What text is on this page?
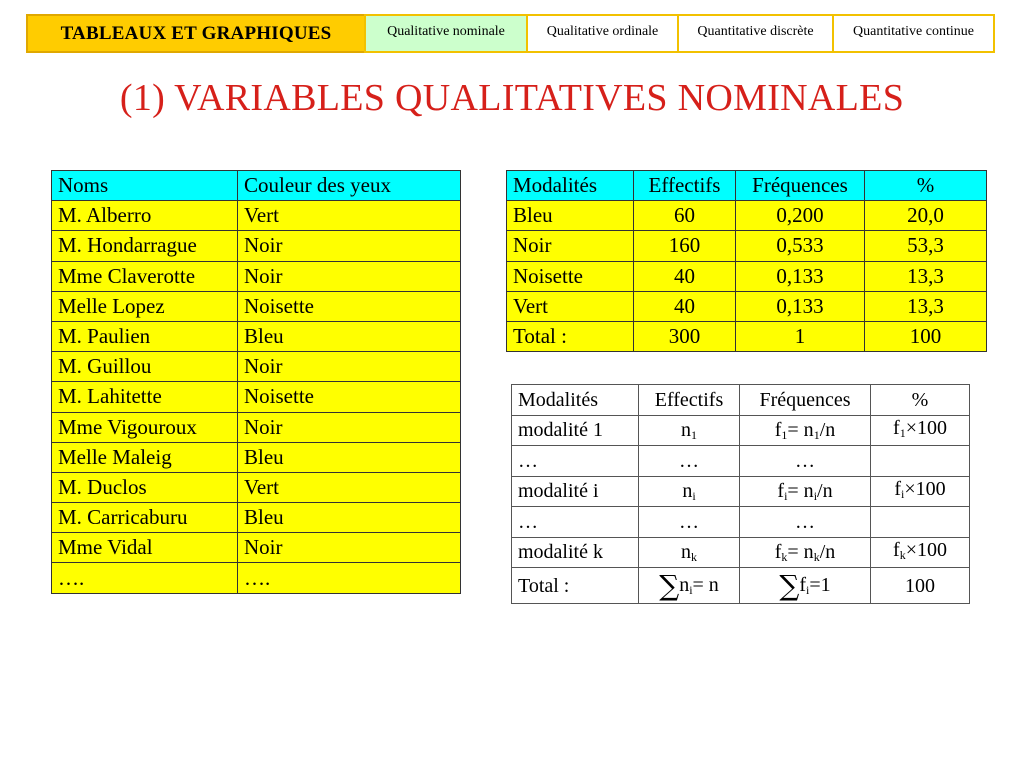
TABLEAUX ET GRAPHIQUES	Qualitative nominale	Qualitative ordinale	Quantitative discrète	Quantitative continue
(1) VARIABLES QUALITATIVES NOMINALES
Noms	Couleur des yeux
M. Alberro	Vert
M. Hondarrague	Noir
Mme Claverotte	Noir
Melle Lopez	Noisette
M. Paulien	Bleu
M. Guillou	Noir
M. Lahitette	Noisette
Mme Vigouroux	Noir
Melle Maleig	Bleu
M. Duclos	Vert
M. Carricaburu	Bleu
Mme Vidal	Noir
….	….
Modalités	Effectifs	Fréquences	%
Bleu	60	0,200	20,0
Noir	160	0,533	53,3
Noisette	40	0,133	13,3
Vert	40	0,133	13,3
Total :	300	1	100
Modalités	Effectifs	Fréquences	%
modalité 1	$n_1$	$f_1= n_1/n$	$f_1\times 100$
…	…	…	
modalité i	$n_i$	$f_i= n_i/n$	$f_i\times 100$
…	…	…	
modalité k	$n_k$	$f_k= n_k/n$	$f_k\times 100$
Total :	$\sum n_i= n$	$\sum f_i=1$	100
